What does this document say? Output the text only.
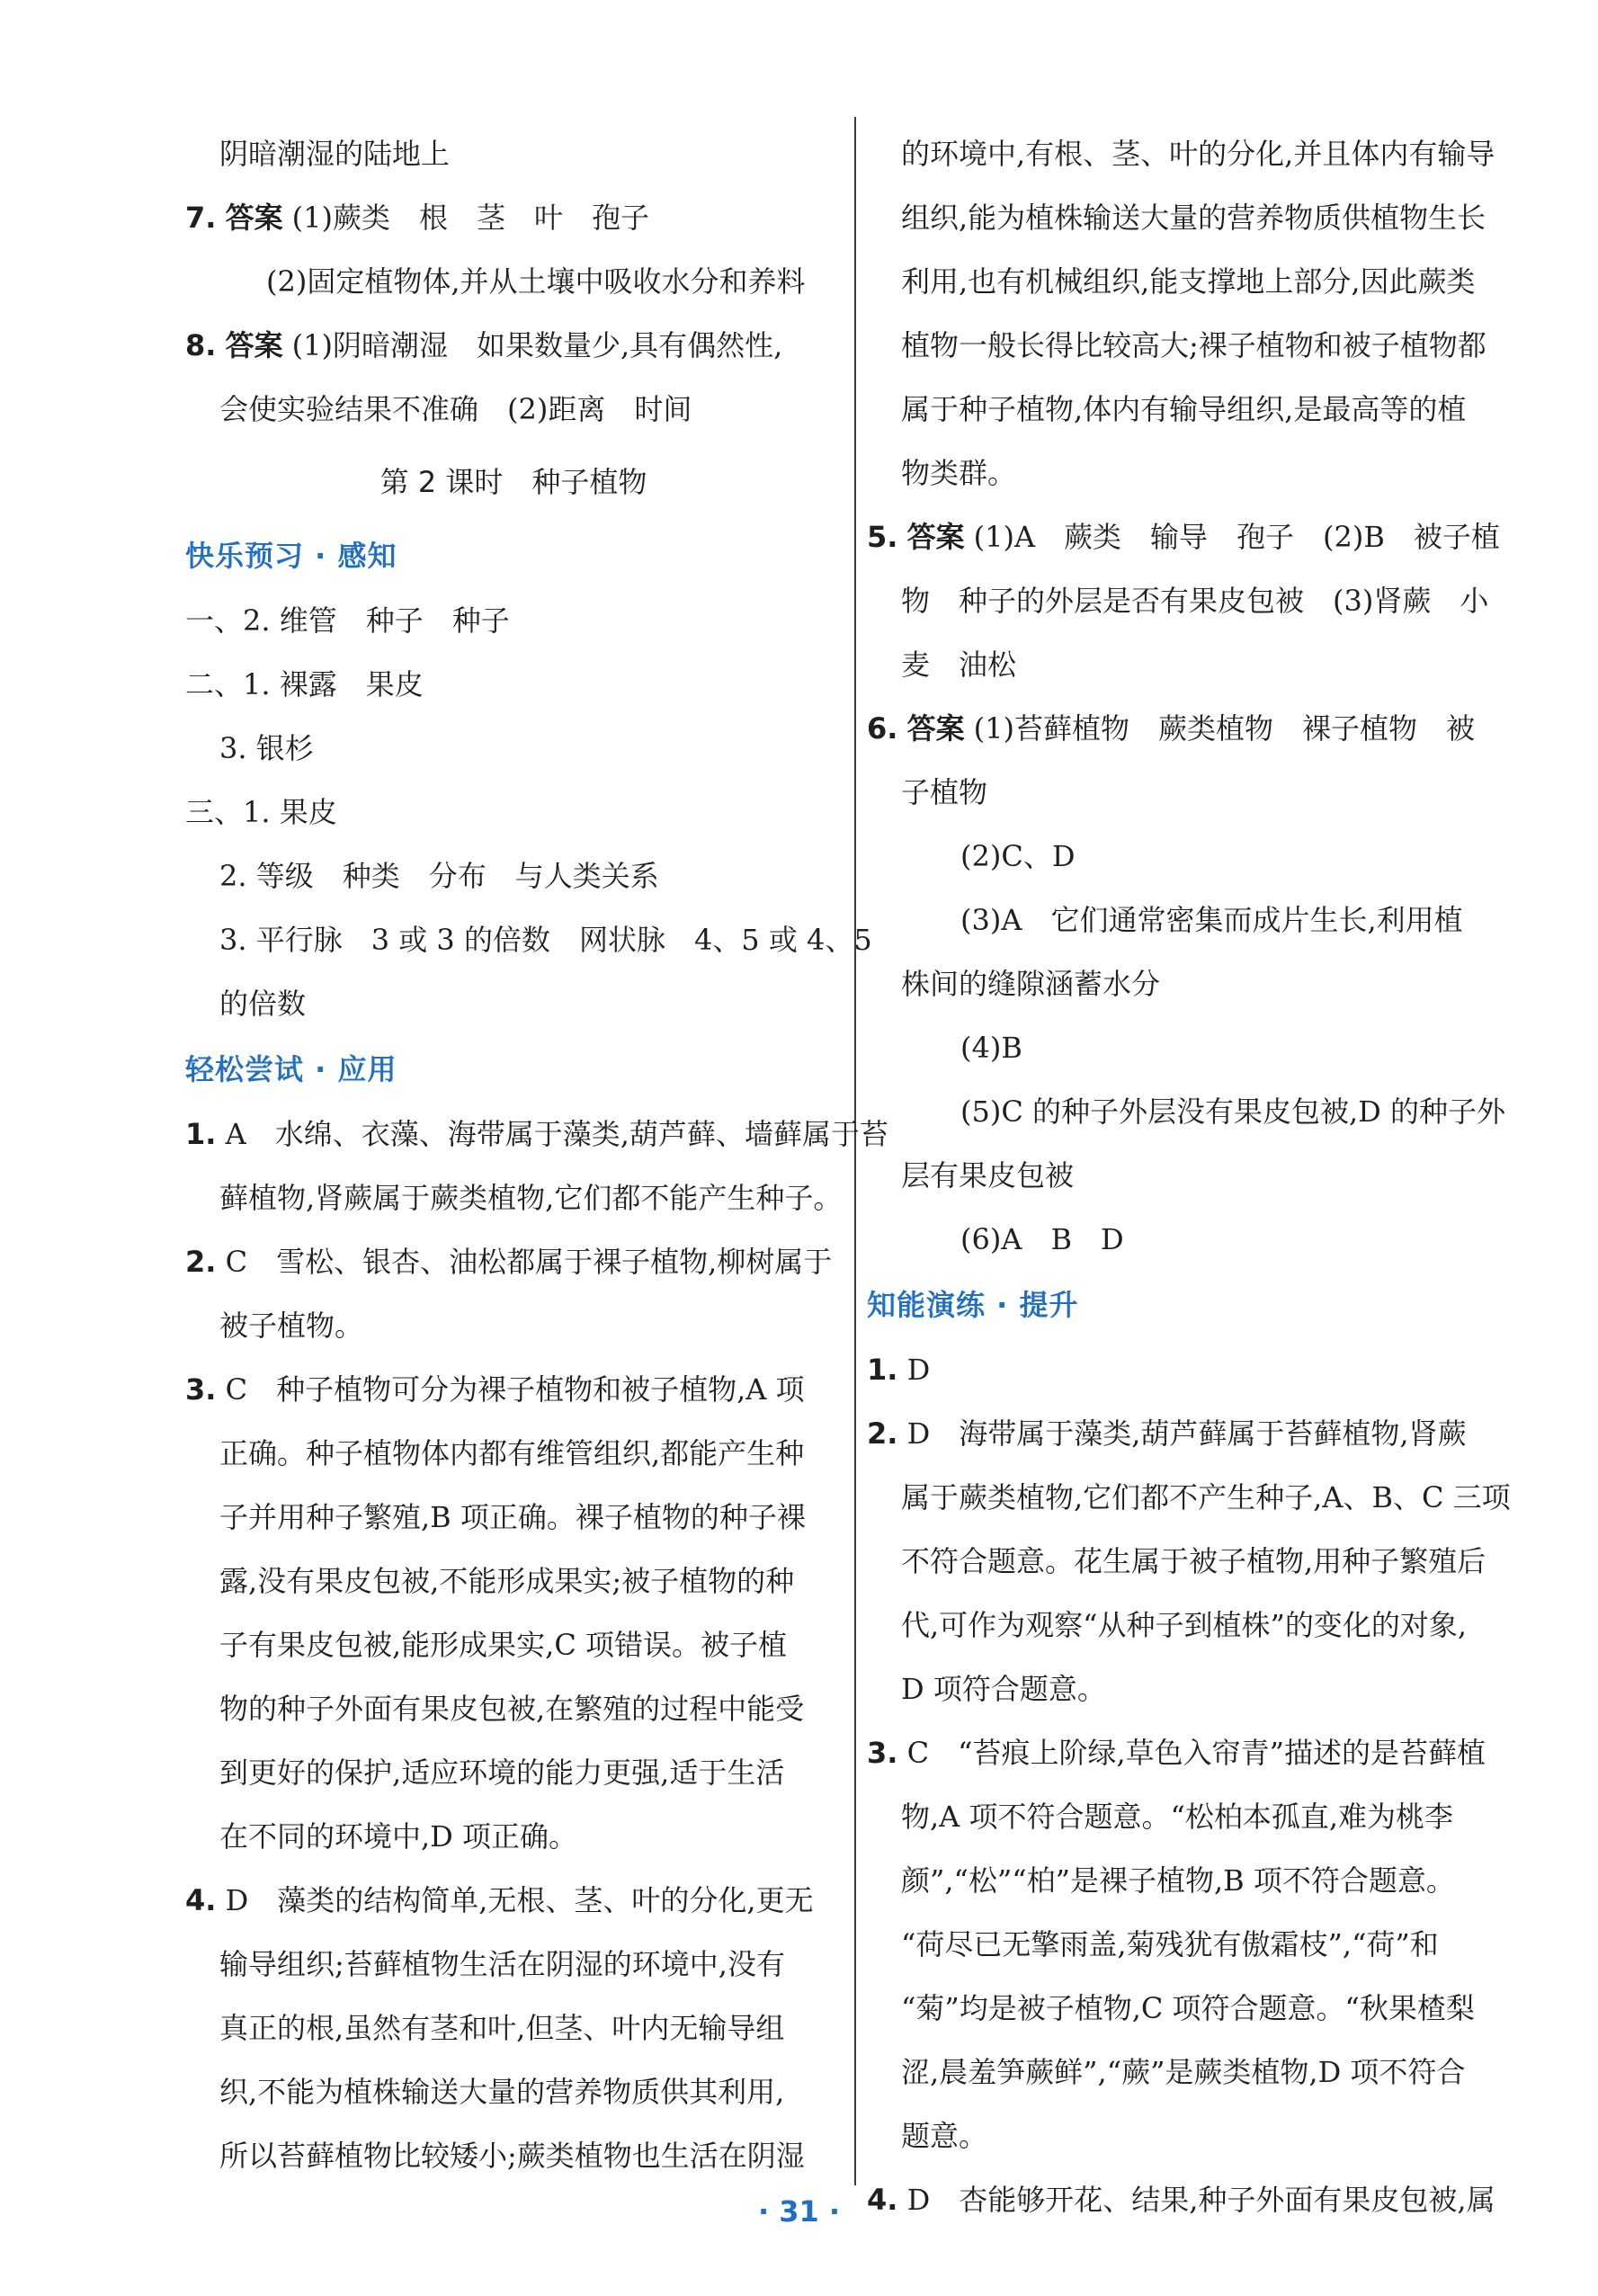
阴暗潮湿的陆地上
7. 答案 (1)蕨类　根　茎　叶　孢子
(2)固定植物体,并从土壤中吸收水分和养料
8. 答案 (1)阴暗潮湿　如果数量少,具有偶然性,
会使实验结果不准确　(2)距离　时间
第 2 课时　种子植物
快乐预习 · 感知
一、2. 维管　种子　种子
二、1. 裸露　果皮
3. 银杉
三、1. 果皮
2. 等级　种类　分布　与人类关系
3. 平行脉　3 或 3 的倍数　网状脉　4、5 或 4、5
的倍数
轻松尝试 · 应用
1. A　水绵、衣藻、海带属于藻类,葫芦藓、墙藓属于苔
藓植物,肾蕨属于蕨类植物,它们都不能产生种子。
2. C　雪松、银杏、油松都属于裸子植物,柳树属于
被子植物。
3. C　种子植物可分为裸子植物和被子植物,A 项
正确。种子植物体内都有维管组织,都能产生种
子并用种子繁殖,B 项正确。裸子植物的种子裸
露,没有果皮包被,不能形成果实;被子植物的种
子有果皮包被,能形成果实,C 项错误。被子植
物的种子外面有果皮包被,在繁殖的过程中能受
到更好的保护,适应环境的能力更强,适于生活
在不同的环境中,D 项正确。
4. D　藻类的结构简单,无根、茎、叶的分化,更无
输导组织;苔藓植物生活在阴湿的环境中,没有
真正的根,虽然有茎和叶,但茎、叶内无输导组
织,不能为植株输送大量的营养物质供其利用,
所以苔藓植物比较矮小;蕨类植物也生活在阴湿
的环境中,有根、茎、叶的分化,并且体内有输导
组织,能为植株输送大量的营养物质供植物生长
利用,也有机械组织,能支撑地上部分,因此蕨类
植物一般长得比较高大;裸子植物和被子植物都
属于种子植物,体内有输导组织,是最高等的植
物类群。
5. 答案 (1)A　蕨类　输导　孢子　(2)B　被子植
物　种子的外层是否有果皮包被　(3)肾蕨　小
麦　油松
6. 答案 (1)苔藓植物　蕨类植物　裸子植物　被
子植物
(2)C、D
(3)A　它们通常密集而成片生长,利用植
株间的缝隙涵蓄水分
(4)B
(5)C 的种子外层没有果皮包被,D 的种子外
层有果皮包被
(6)A　B　D
知能演练 · 提升
1. D
2. D　海带属于藻类,葫芦藓属于苔藓植物,肾蕨
属于蕨类植物,它们都不产生种子,A、B、C 三项
不符合题意。花生属于被子植物,用种子繁殖后
代,可作为观察“从种子到植株”的变化的对象,
D 项符合题意。
3. C　“苔痕上阶绿,草色入帘青”描述的是苔藓植
物,A 项不符合题意。“松柏本孤直,难为桃李
颜”,“松”“柏”是裸子植物,B 项不符合题意。
“荷尽已无擎雨盖,菊残犹有傲霜枝”,“荷”和
“菊”均是被子植物,C 项符合题意。“秋果楂梨
涩,晨羞笋蕨鲜”,“蕨”是蕨类植物,D 项不符合
题意。
4. D　杏能够开花、结果,种子外面有果皮包被,属
· 31 ·
